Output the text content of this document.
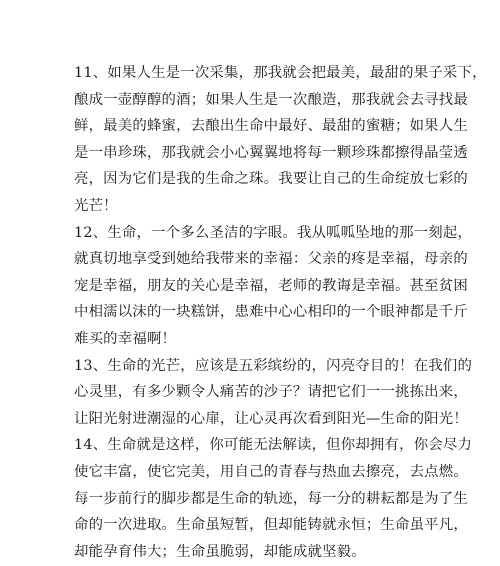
11、如果人生是一次采集，那我就会把最美，最甜的果子采下，
酿成一壶醇醇的酒；如果人生是一次酿造，那我就会去寻找最
鲜，最美的蜂蜜，去酿出生命中最好、最甜的蜜糖；如果人生
是一串珍珠，那我就会小心翼翼地将每一颗珍珠都擦得晶莹透
亮，因为它们是我的生命之珠。我要让自己的生命绽放七彩的
光芒！
12、生命，一个多么圣洁的字眼。我从呱呱坠地的那一刻起，
就真切地享受到她给我带来的幸福：父亲的疼是幸福，母亲的
宠是幸福，朋友的关心是幸福，老师的教诲是幸福。甚至贫困
中相濡以沫的一块糕饼，患难中心心相印的一个眼神都是千斤
难买的幸福啊！
13、生命的光芒，应该是五彩缤纷的，闪亮夺目的！在我们的
心灵里，有多少颗令人痛苦的沙子？请把它们一一挑拣出来，
让阳光射进潮湿的心扉，让心灵再次看到阳光—生命的阳光！
14、生命就是这样，你可能无法解读，但你却拥有，你会尽力
使它丰富，使它完美，用自己的青春与热血去擦亮，去点燃。
每一步前行的脚步都是生命的轨迹，每一分的耕耘都是为了生
命的一次进取。生命虽短暂，但却能铸就永恒；生命虽平凡，
却能孕育伟大；生命虽脆弱，却能成就坚毅。
